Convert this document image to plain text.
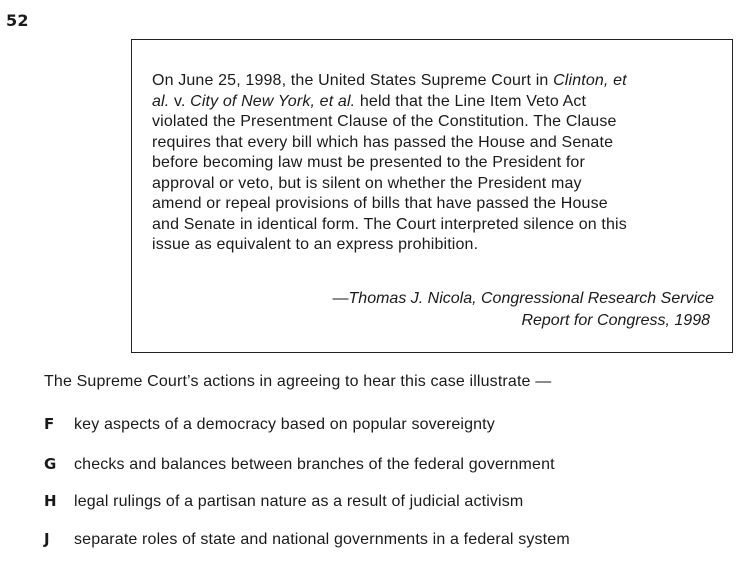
52
On June 25, 1998, the United States Supreme Court in Clinton, et
al. v. City of New York, et al. held that the Line Item Veto Act
violated the Presentment Clause of the Constitution. The Clause
requires that every bill which has passed the House and Senate
before becoming law must be presented to the President for
approval or veto, but is silent on whether the President may
amend or repeal provisions of bills that have passed the House
and Senate in identical form. The Court interpreted silence on this
issue as equivalent to an express prohibition.
—Thomas J. Nicola, Congressional Research Service
Report for Congress, 1998
The Supreme Court’s actions in agreeing to hear this case illustrate —
F key aspects of a democracy based on popular sovereignty
G checks and balances between branches of the federal government
H legal rulings of a partisan nature as a result of judicial activism
J separate roles of state and national governments in a federal system
